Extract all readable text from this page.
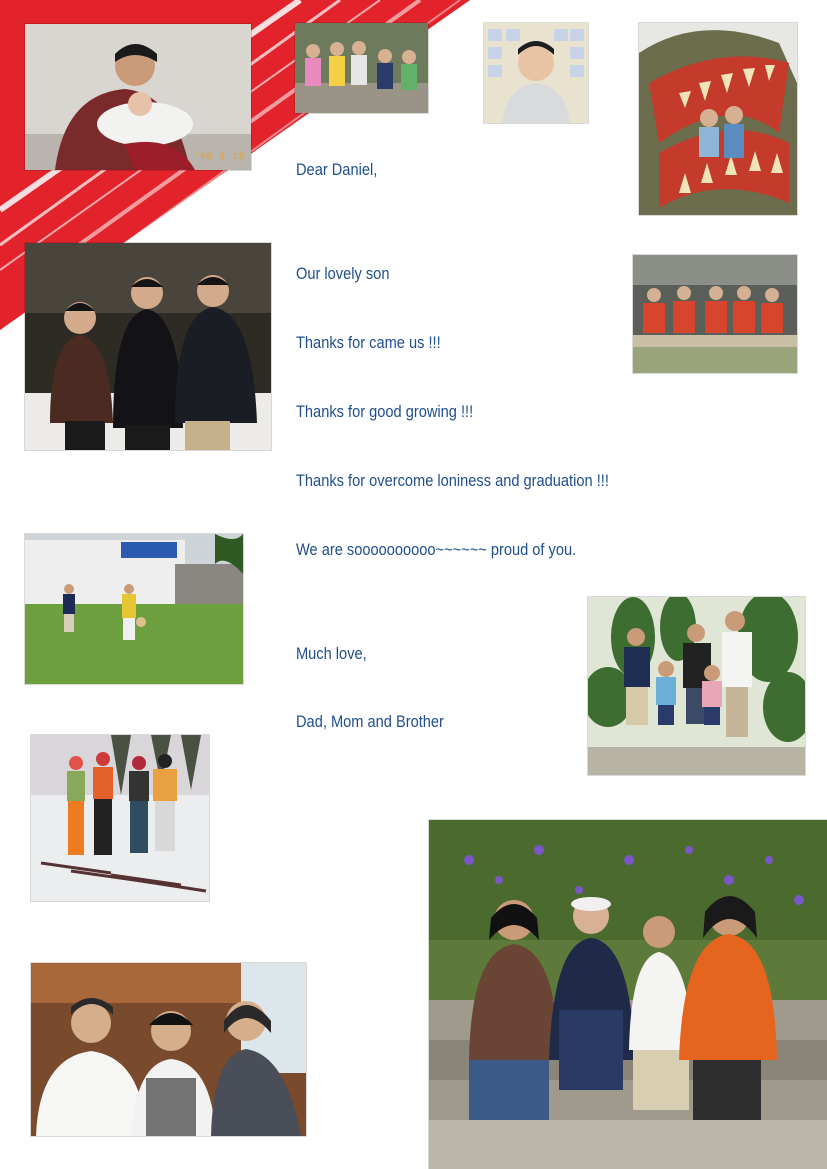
'96 1 18
Dear Daniel,
Our lovely son
Thanks for came us !!!
Thanks for good growing !!!
Thanks for overcome loniness and graduation !!!
We are soooooooooo~~~~~~ proud of you.
Much love,
Dad, Mom and Brother
